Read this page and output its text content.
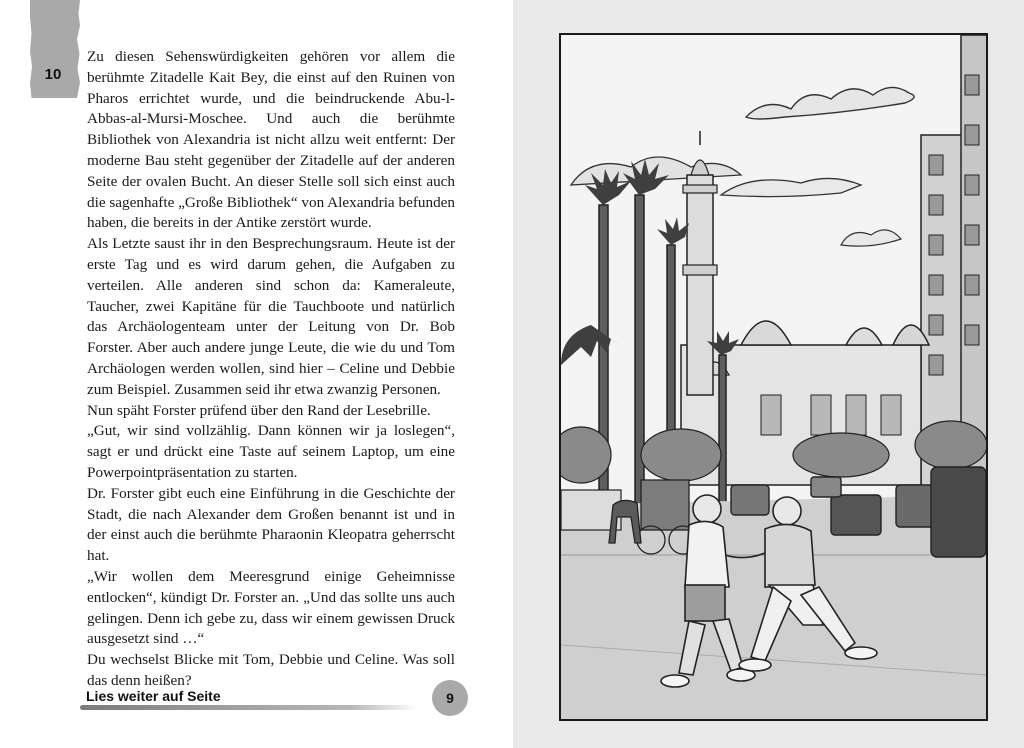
10

Zu diesen Sehenswürdigkeiten gehören vor allem die berühmte Zitadelle Kait Bey, die einst auf den Ruinen von Pharos errichtet wurde, und die beindruckende Abu-l-Abbas-al-Mursi-Moschee. Und auch die berühmte Bibliothek von Alexandria ist nicht allzu weit entfernt: Der moderne Bau steht gegenüber der Zitadelle auf der anderen Seite der ovalen Bucht. An dieser Stelle soll sich einst auch die sagenhafte „Große Bibliothek“ von Alexandria befunden haben, die bereits in der Antike zerstört wurde.

Als Letzte saust ihr in den Besprechungsraum. Heute ist der erste Tag und es wird darum gehen, die Aufgaben zu verteilen. Alle anderen sind schon da: Kameraleute, Taucher, zwei Kapitäne für die Tauchboote und natürlich das Archäologenteam unter der Leitung von Dr. Bob Forster. Aber auch andere junge Leute, die wie du und Tom Archäologen werden wollen, sind hier – Celine und Debbie zum Beispiel. Zusammen seid ihr etwa zwanzig Personen.

Nun späht Forster prüfend über den Rand der Lesebrille.

„Gut, wir sind vollzählig. Dann können wir ja loslegen“, sagt er und drückt eine Taste auf seinem Laptop, um eine Powerpointpräsentation zu starten.

Dr. Forster gibt euch eine Einführung in die Geschichte der Stadt, die nach Alexander dem Großen benannt ist und in der einst auch die berühmte Pharaonin Kleopatra geherrscht hat.

„Wir wollen dem Meeresgrund einige Geheimnisse entlocken“, kündigt Dr. Forster an. „Und das sollte uns auch gelingen. Denn ich gebe zu, dass wir einem gewissen Druck ausgesetzt sind …“

Du wechselst Blicke mit Tom, Debbie und Celine. Was soll das denn heißen?

Lies weiter auf Seite	9
